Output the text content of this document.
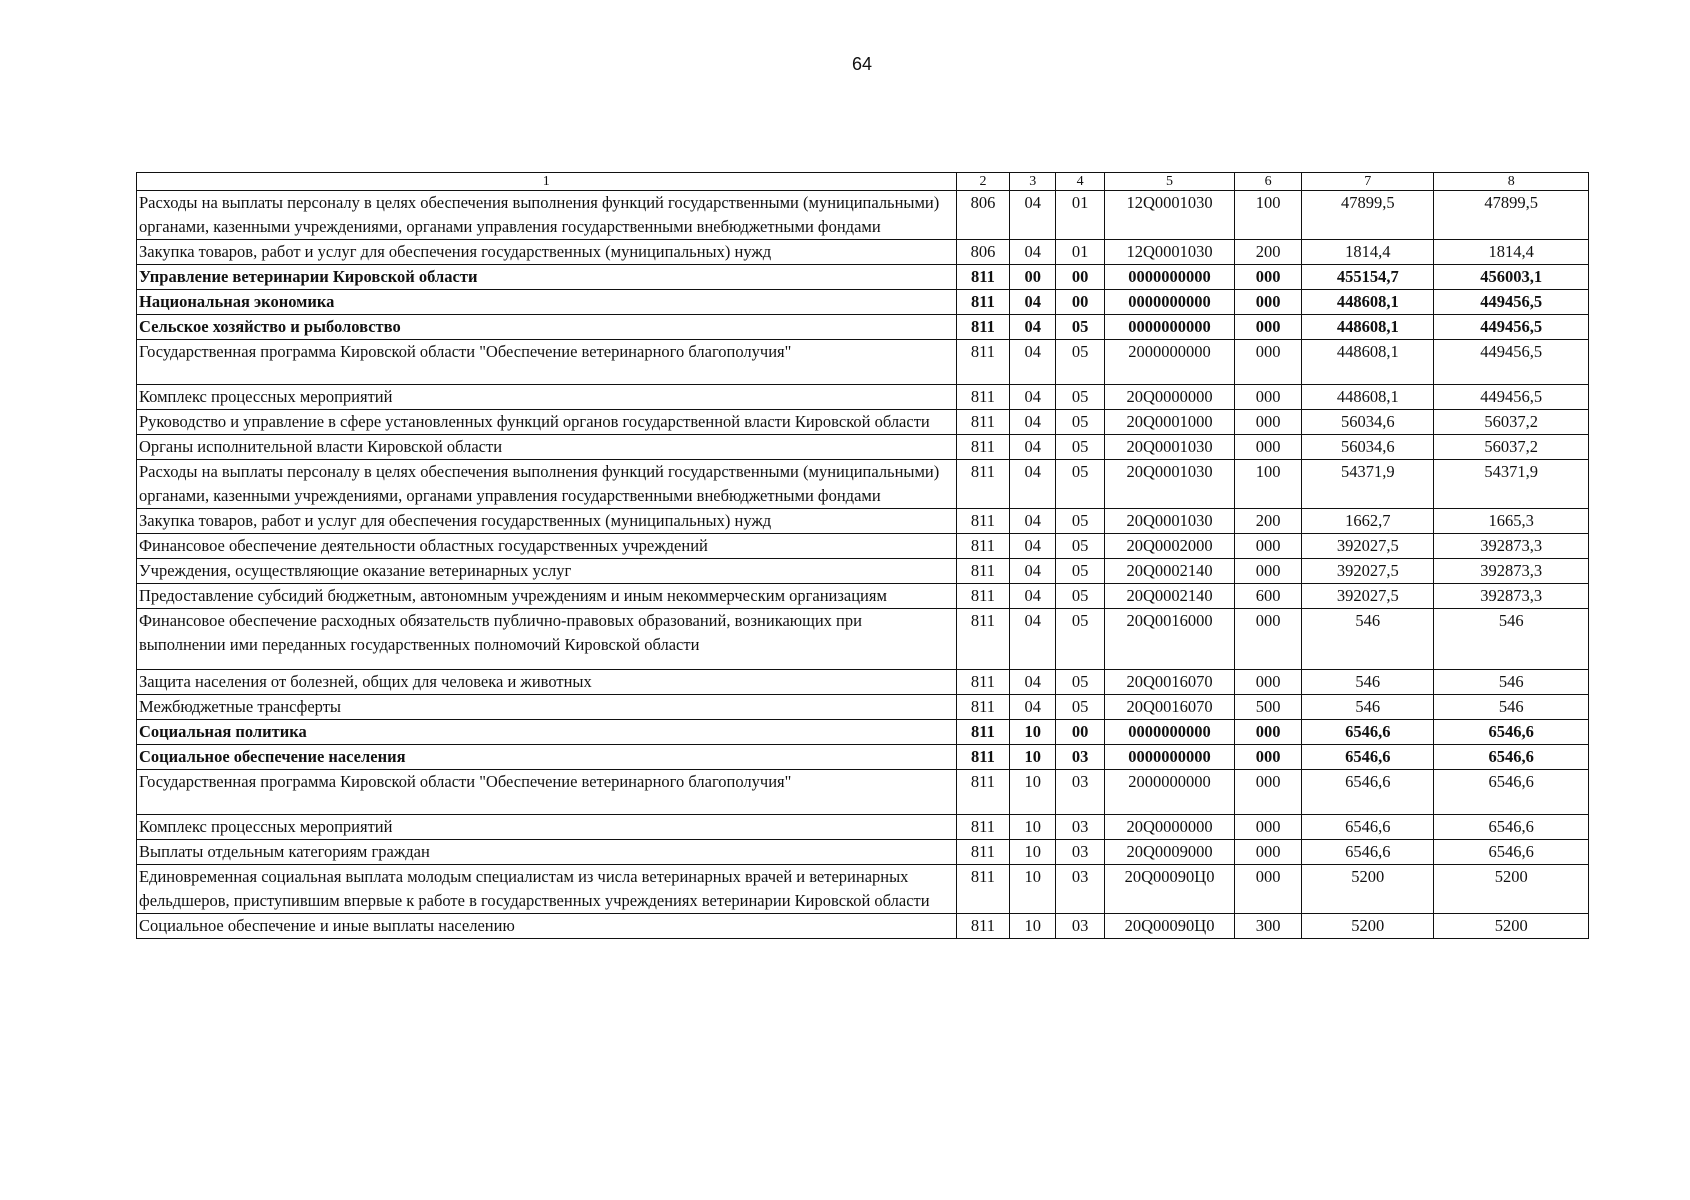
64
1	2	3	4	5	6	7	8
Расходы на выплаты персоналу в целях обеспечения выполнения функций государственными (муниципальными) органами, казенными учреждениями, органами управления государственными внебюджетными фондами	806	04	01	12Q0001030	100	47899,5	47899,5
Закупка товаров, работ и услуг для обеспечения государственных (муниципальных) нужд	806	04	01	12Q0001030	200	1814,4	1814,4
Управление ветеринарии Кировской области	811	00	00	0000000000	000	455154,7	456003,1
Национальная экономика	811	04	00	0000000000	000	448608,1	449456,5
Сельское хозяйство и рыболовство	811	04	05	0000000000	000	448608,1	449456,5
Государственная программа Кировской области "Обеспечение ветеринарного благополучия"	811	04	05	2000000000	000	448608,1	449456,5
Комплекс процессных мероприятий	811	04	05	20Q0000000	000	448608,1	449456,5
Руководство и управление в сфере установленных функций органов государственной власти Кировской области	811	04	05	20Q0001000	000	56034,6	56037,2
Органы исполнительной власти Кировской области	811	04	05	20Q0001030	000	56034,6	56037,2
Расходы на выплаты персоналу в целях обеспечения выполнения функций государственными (муниципальными) органами, казенными учреждениями, органами управления государственными внебюджетными фондами	811	04	05	20Q0001030	100	54371,9	54371,9
Закупка товаров, работ и услуг для обеспечения государственных (муниципальных) нужд	811	04	05	20Q0001030	200	1662,7	1665,3
Финансовое обеспечение деятельности областных государственных учреждений	811	04	05	20Q0002000	000	392027,5	392873,3
Учреждения, осуществляющие оказание ветеринарных услуг	811	04	05	20Q0002140	000	392027,5	392873,3
Предоставление субсидий бюджетным, автономным учреждениям и иным некоммерческим организациям	811	04	05	20Q0002140	600	392027,5	392873,3
Финансовое обеспечение расходных обязательств публично-правовых образований, возникающих при выполнении ими переданных государственных полномочий Кировской области	811	04	05	20Q0016000	000	546	546
Защита населения от болезней, общих для человека и животных	811	04	05	20Q0016070	000	546	546
Межбюджетные трансферты	811	04	05	20Q0016070	500	546	546
Социальная политика	811	10	00	0000000000	000	6546,6	6546,6
Социальное обеспечение населения	811	10	03	0000000000	000	6546,6	6546,6
Государственная программа Кировской области "Обеспечение ветеринарного благополучия"	811	10	03	2000000000	000	6546,6	6546,6
Комплекс процессных мероприятий	811	10	03	20Q0000000	000	6546,6	6546,6
Выплаты отдельным категориям граждан	811	10	03	20Q0009000	000	6546,6	6546,6
Единовременная социальная выплата молодым специалистам из числа ветеринарных врачей и ветеринарных фельдшеров, приступившим впервые к работе в государственных учреждениях ветеринарии Кировской области	811	10	03	20Q00090Ц0	000	5200	5200
Социальное обеспечение и иные выплаты населению	811	10	03	20Q00090Ц0	300	5200	5200
